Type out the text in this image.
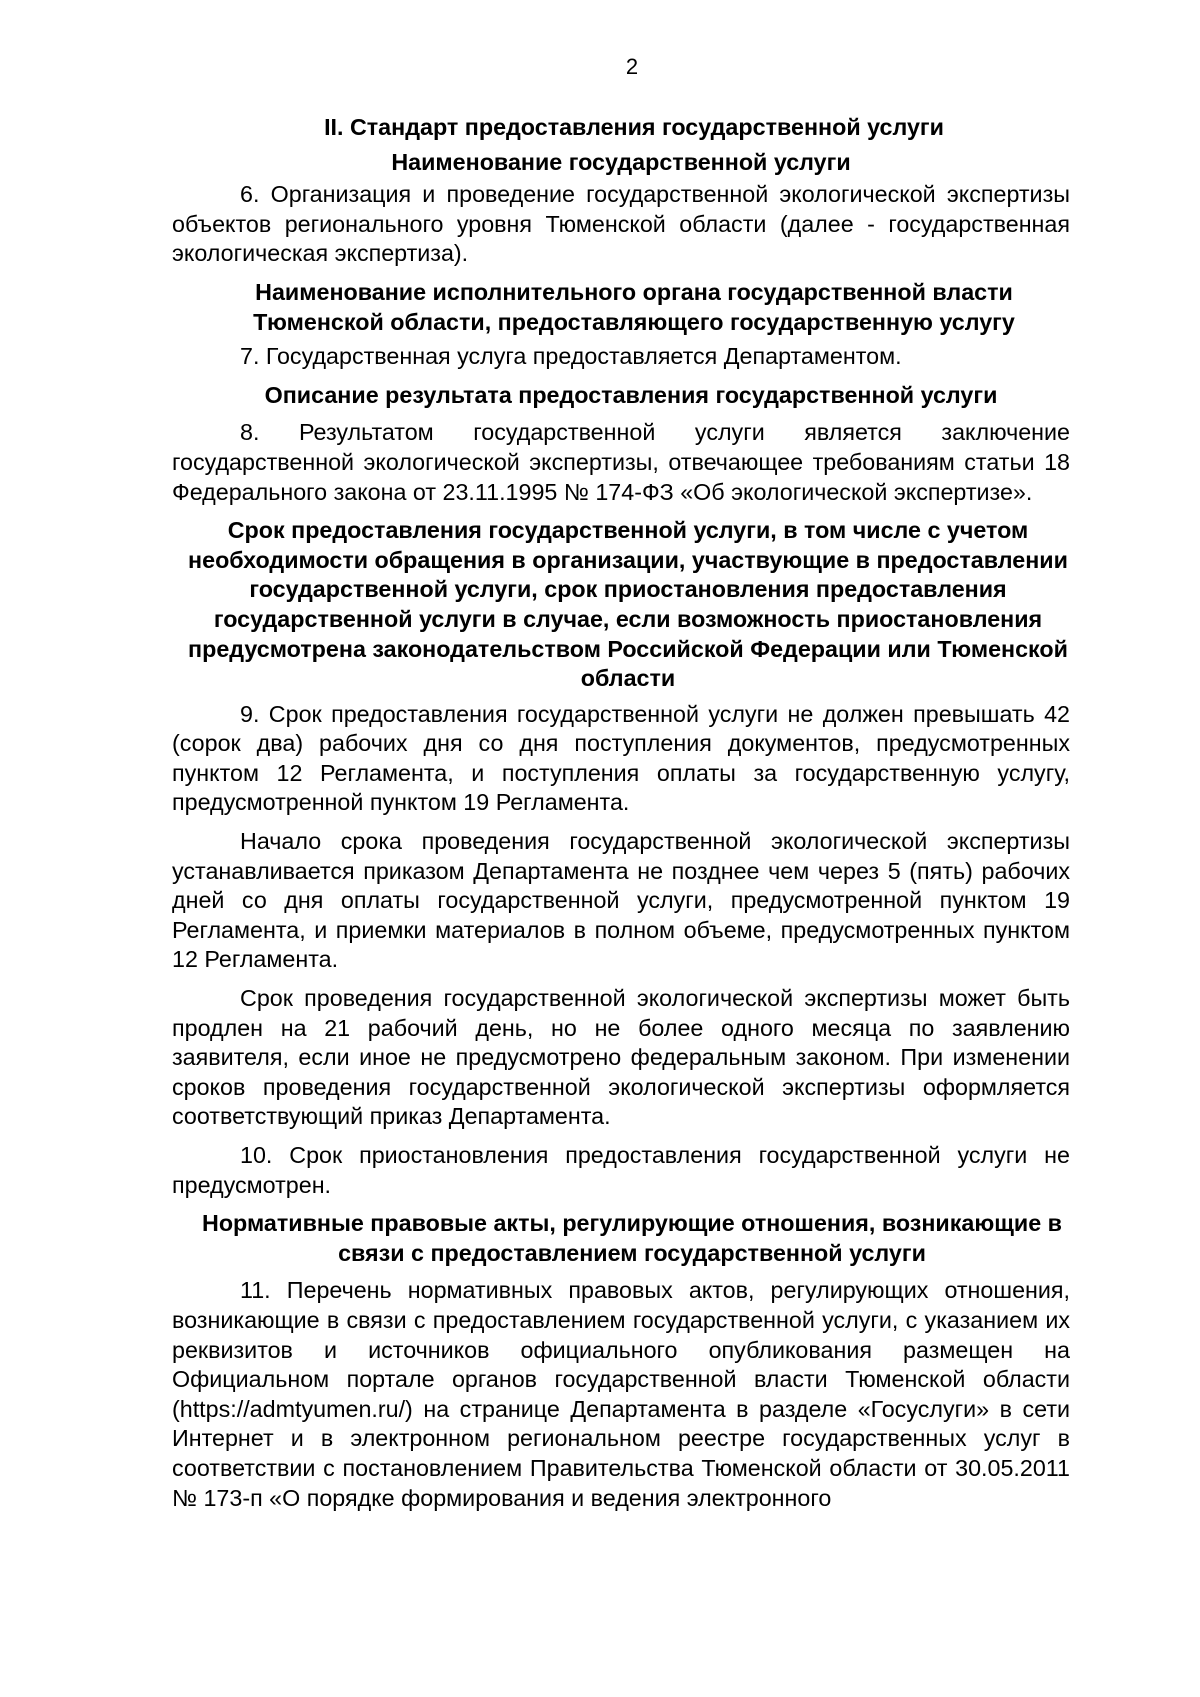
2
II. Стандарт предоставления государственной услуги
Наименование государственной услуги

6. Организация и проведение государственной экологической экспертизы объектов регионального уровня Тюменской области (далее - государственная экологическая экспертиза).

Наименование исполнительного органа государственной власти Тюменской области, предоставляющего государственную услугу

7. Государственная услуга предоставляется Департаментом.

Описание результата предоставления государственной услуги

8. Результатом государственной услуги является заключение государственной экологической экспертизы, отвечающее требованиям статьи 18 Федерального закона от 23.11.1995 № 174-ФЗ «Об экологической экспертизе».

Срок предоставления государственной услуги, в том числе с учетом необходимости обращения в организации, участвующие в предоставлении государственной услуги, срок приостановления предоставления государственной услуги в случае, если возможность приостановления предусмотрена законодательством Российской Федерации или Тюменской области

9. Срок предоставления государственной услуги не должен превышать 42 (сорок два) рабочих дня со дня поступления документов, предусмотренных пунктом 12 Регламента, и поступления оплаты за государственную услугу, предусмотренной пунктом 19 Регламента.

Начало срока проведения государственной экологической экспертизы устанавливается приказом Департамента не позднее чем через 5 (пять) рабочих дней со дня оплаты государственной услуги, предусмотренной пунктом 19 Регламента, и приемки материалов в полном объеме, предусмотренных пунктом 12 Регламента.

Срок проведения государственной экологической экспертизы может быть продлен на 21 рабочий день, но не более одного месяца по заявлению заявителя, если иное не предусмотрено федеральным законом. При изменении сроков проведения государственной экологической экспертизы оформляется соответствующий приказ Департамента.

10. Срок приостановления предоставления государственной услуги не предусмотрен.

Нормативные правовые акты, регулирующие отношения, возникающие в связи с предоставлением государственной услуги

11. Перечень нормативных правовых актов, регулирующих отношения, возникающие в связи с предоставлением государственной услуги, с указанием их реквизитов и источников официального опубликования размещен на Официальном портале органов государственной власти Тюменской области (https://admtyumen.ru/) на странице Департамента в разделе «Госуслуги» в сети Интернет и в электронном региональном реестре государственных услуг в соответствии с постановлением Правительства Тюменской области от 30.05.2011 № 173-п «О порядке формирования и ведения электронного
